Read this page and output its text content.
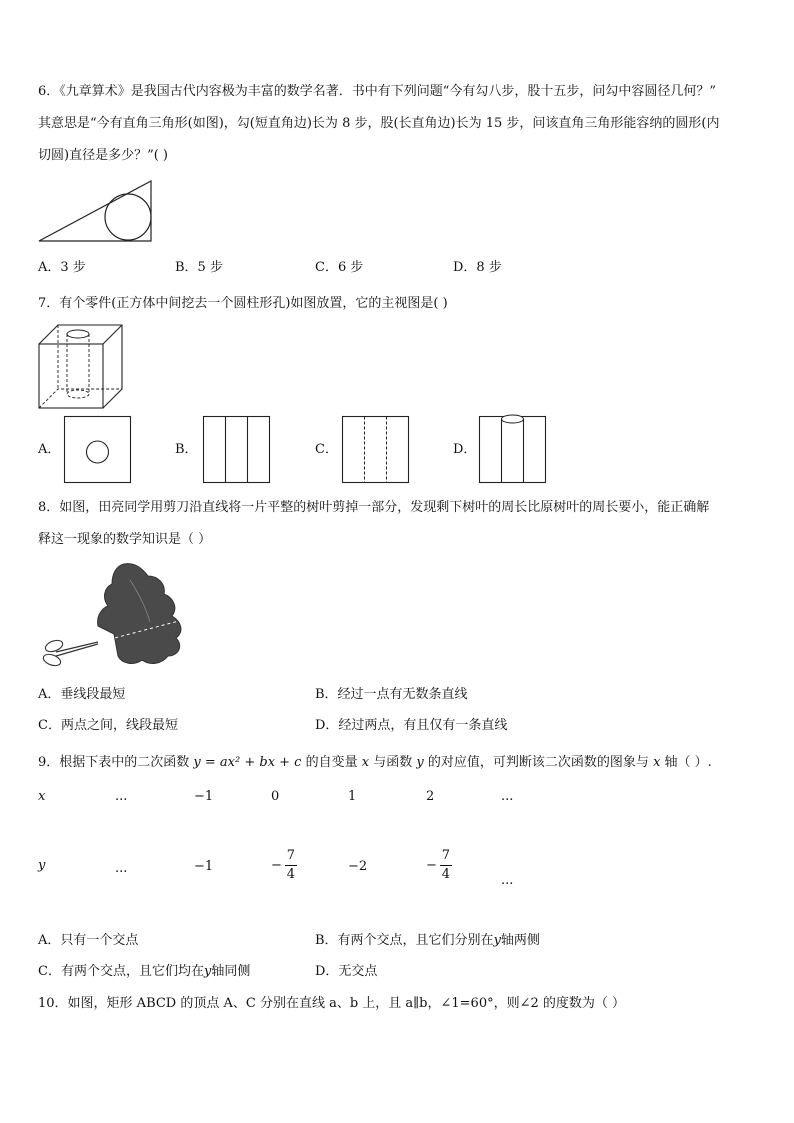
6．《九章算术》是我国古代内容极为丰富的数学名著．书中有下列问题“今有勾八步，股十五步，问勾中容圆径几何？”
其意思是“今有直角三角形(如图)，勾(短直角边)长为 8 步，股(长直角边)长为 15 步，问该直角三角形能容纳的圆形(内
切圆)直径是多少？”( )
A．3 步	B．5 步	C．6 步	D．8 步
7．有个零件(正方体中间挖去一个圆柱形孔)如图放置，它的主视图是( )
A．	B．	C．	D．
8．如图，田亮同学用剪刀沿直线将一片平整的树叶剪掉一部分，发现剩下树叶的周长比原树叶的周长要小，能正确解
释这一现象的数学知识是（ ）
A．垂线段最短	B．经过一点有无数条直线
C．两点之间，线段最短	D．经过两点，有且仅有一条直线
9．根据下表中的二次函数 y = ax² + bx + c 的自变量 x 与函数 y 的对应值，可判断该二次函数的图象与 x 轴（ ）.
x	...	−1	0	1	2	...
y	...	−1	− $\frac{7}{4}$	−2	− $\frac{7}{4}$	...
A．只有一个交点	B．有两个交点，且它们分别在y轴两侧
C．有两个交点，且它们均在y轴同侧	D．无交点
10．如图，矩形 ABCD 的顶点 A、C 分别在直线 a、b 上，且 a∥b，∠1=60°，则∠2 的度数为（ ）
